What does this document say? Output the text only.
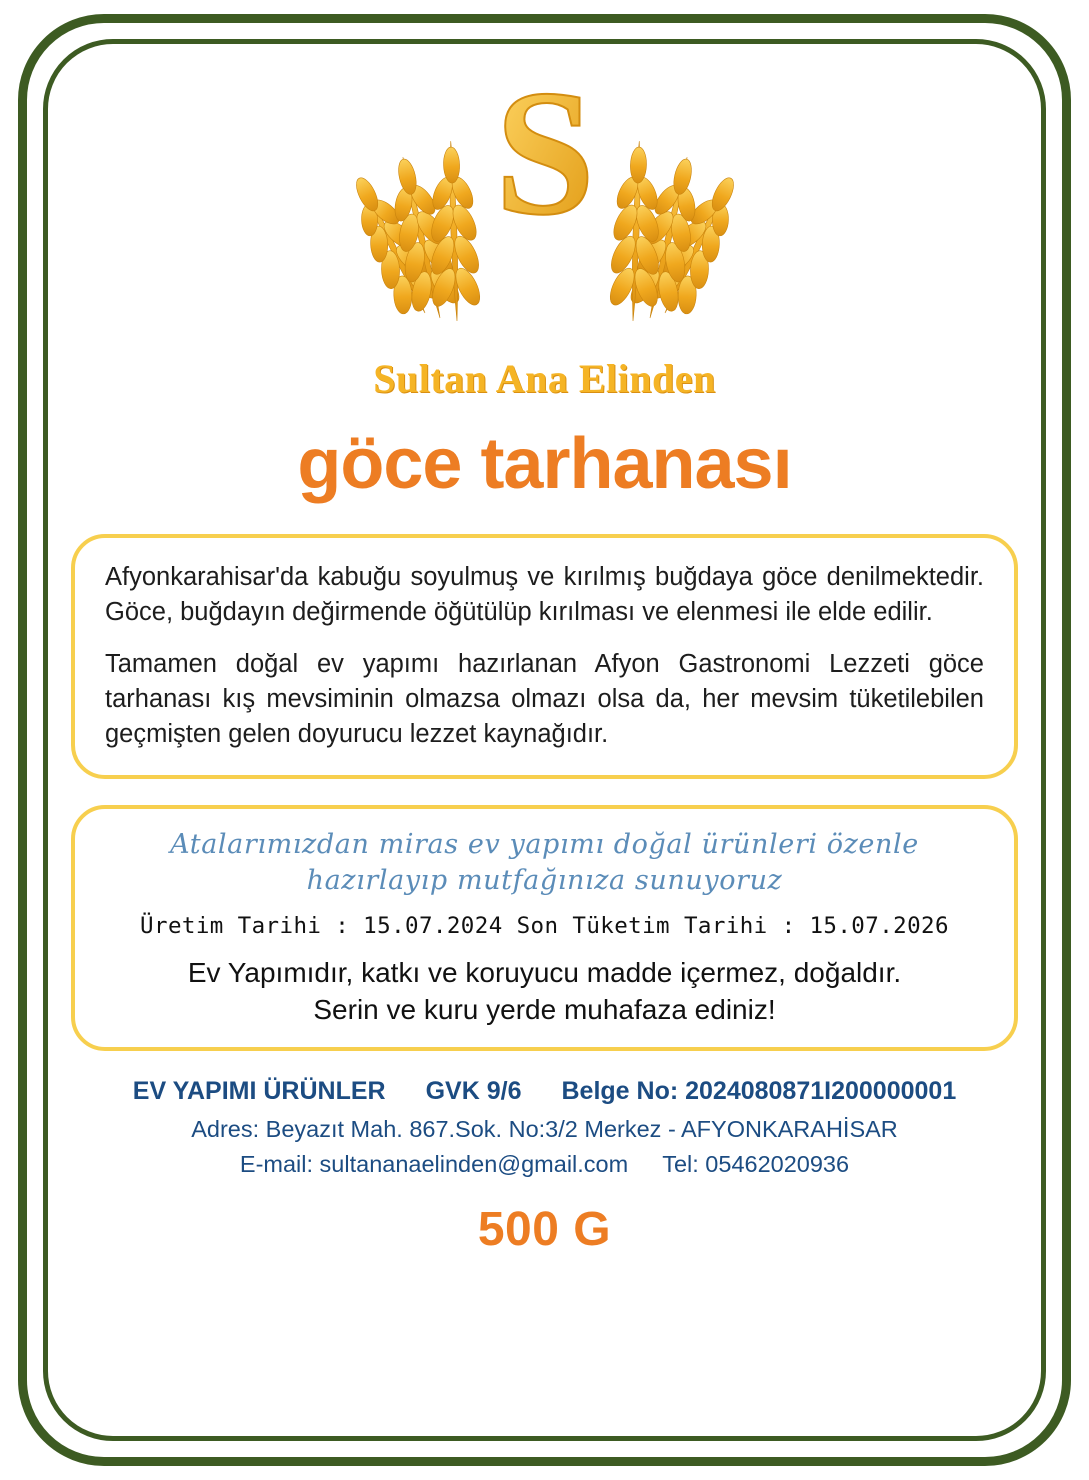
S
Sultan Ana Elinden
göce tarhanası

Afyonkarahisar'da kabuğu soyulmuş ve kırılmış buğdaya göce denilmektedir. Göce, buğdayın değirmende öğütülüp kırılması ve elenmesi ile elde edilir.

Tamamen doğal ev yapımı hazırlanan Afyon Gastronomi Lezzeti göce tarhanası kış mevsiminin olmazsa olmazı olsa da, her mevsim tüketilebilen geçmişten gelen doyurucu lezzet kaynağıdır.

Atalarımızdan miras ev yapımı doğal ürünleri özenle
hazırlayıp mutfağınıza sunuyoruz
Üretim Tarihi : 15.07.2024 Son Tüketim Tarihi : 15.07.2026
Ev Yapımıdır, katkı ve koruyucu madde içermez, doğaldır.
Serin ve kuru yerde muhafaza ediniz!
EV YAPIMI ÜRÜNLER GVK 9/6 Belge No: 2024080871I200000001
Adres: Beyazıt Mah. 867.Sok. No:3/2 Merkez - AFYONKARAHİSAR
E-mail: sultananaelinden@gmail.com Tel: 05462020936
500 G
